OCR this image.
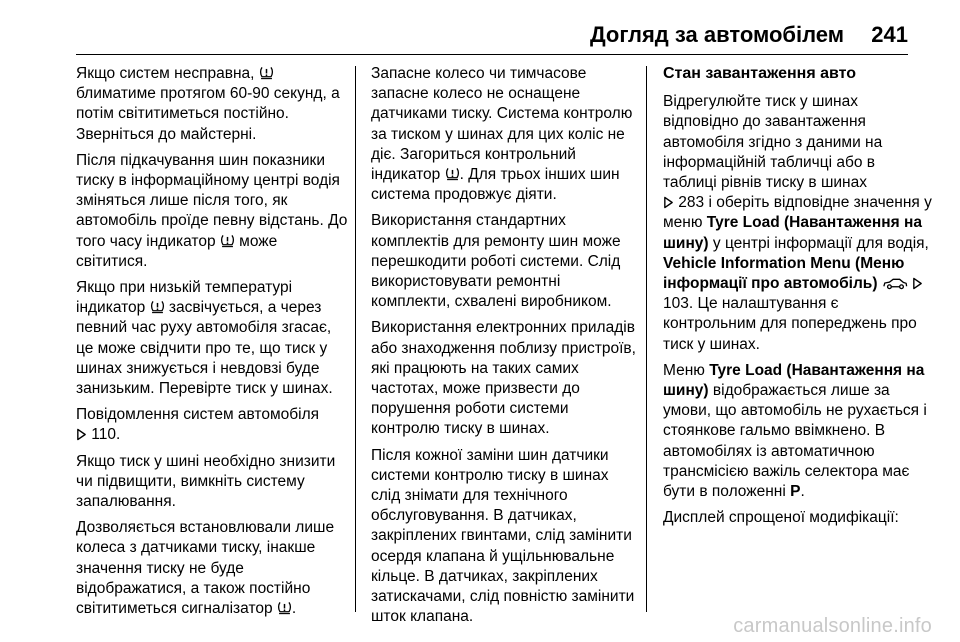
Догляд за автомобілем 241

Якщо систем несправна,  блиматиме протягом 60-90 секунд, а потім світитиметься постійно. Зверніться до майстерні.

Після підкачування шин показники тиску в інформаційному центрі водія зміняться лише після того, як автомобіль проїде певну відстань. До того часу індикатор  може світитися.

Якщо при низькій температурі індикатор  засвічується, а через певний час руху автомобіля згасає, це може свідчити про те, що тиск у шинах знижується і невдовзі буде занизьким. Перевірте тиск у шинах.

Повідомлення систем автомобіля
110.

Якщо тиск у шині необхідно знизити чи підвищити, вимкніть систему запалювання.

Дозволяється встановлювали лише колеса з датчиками тиску, інакше значення тиску не буде відображатися, а також постійно світитиметься сигналізатор .

Запасне колесо чи тимчасове запасне колесо не оснащене датчиками тиску. Система контролю за тиском у шинах для цих коліс не діє. Загориться контрольний індикатор . Для трьох інших шин система продовжує діяти.

Використання стандартних комплектів для ремонту шин може перешкодити роботі системи. Слід використовувати ремонтні комплекти, схвалені виробником.

Використання електронних приладів або знаходження поблизу пристроїв, які працюють на таких самих частотах, може призвести до порушення роботи системи контролю тиску в шинах.

Після кожної заміни шин датчики системи контролю тиску в шинах слід знімати для технічного обслуговування. В датчиках, закріплених гвинтами, слід замінити осердя клапана й ущільнювальне кільце. В датчиках, закріплених затискачами, слід повністю замінити шток клапана.

Стан завантаження авто

Відрегулюйте тиск у шинах відповідно до завантаження автомобіля згідно з даними на інформаційній табличці або в таблиці рівнів тиску в шинах
283 і оберіть відповідне значення у меню Tyre Load (Навантаження на шину) у центрі інформації для водія, Vehicle Information Menu (Меню інформації про автомобіль)   103. Це налаштування є контрольним для попереджень про тиск у шинах.

Меню Tyre Load (Навантаження на шину) відображається лише за умови, що автомобіль не рухається і стоянкове гальмо ввімкнено. В автомобілях із автоматичною трансмісією важіль селектора має бути в положенні P.

Дисплей спрощеної модифікації:

carmanualsonline.info
